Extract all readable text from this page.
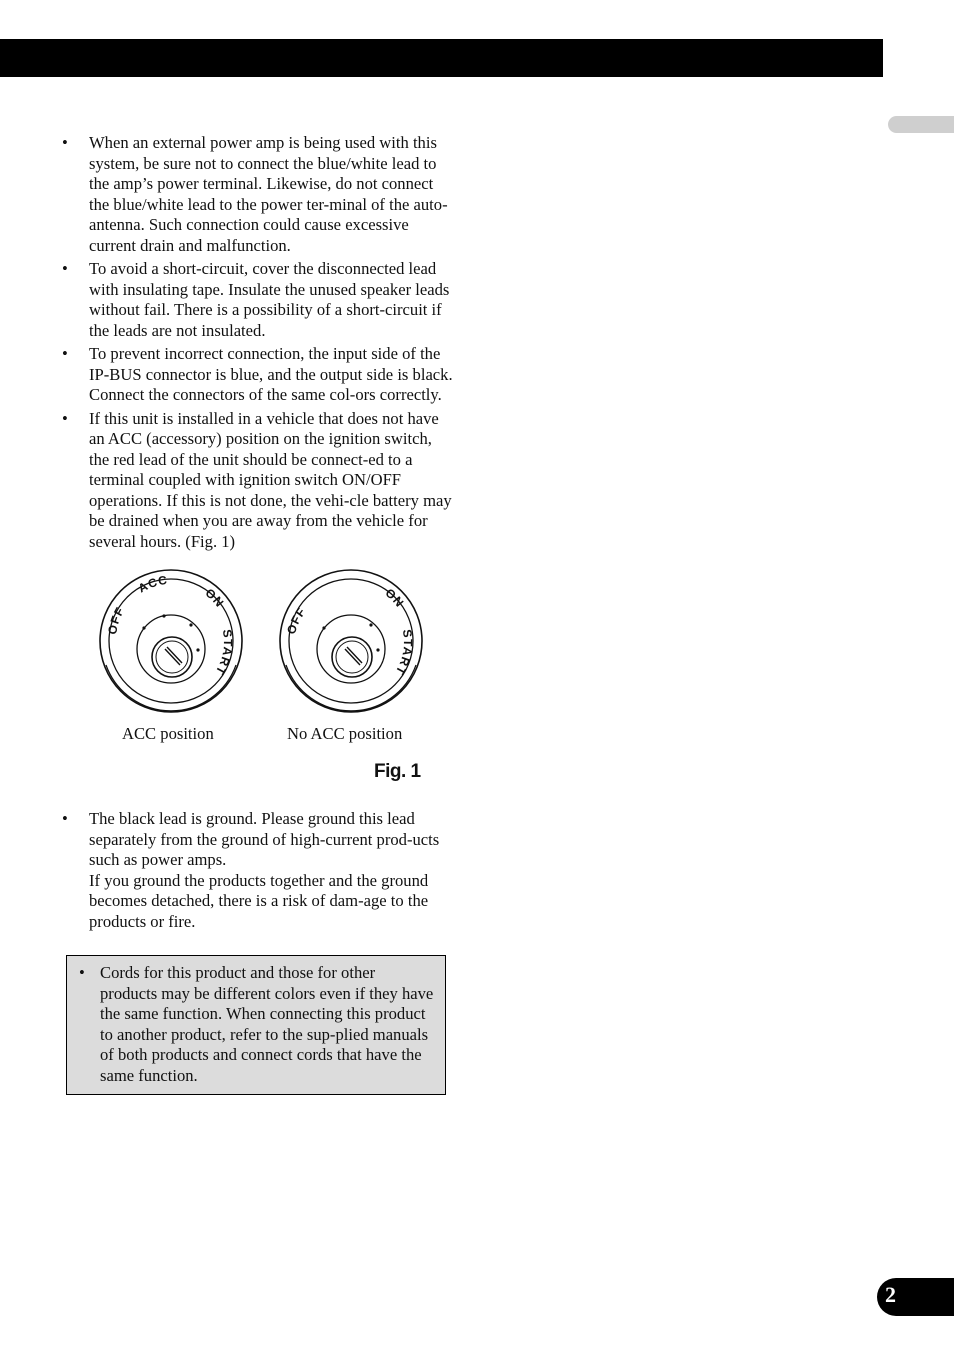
• When an external power amp is being used with this system, be sure not to connect the blue/white lead to the amp’s power terminal. Likewise, do not connect the blue/white lead to the power ter-minal of the auto-antenna. Such connection could cause excessive current drain and malfunction.

• To avoid a short-circuit, cover the disconnected lead with insulating tape. Insulate the unused speaker leads without fail. There is a possibility of a short-circuit if the leads are not insulated.

• To prevent incorrect connection, the input side of the IP-BUS connector is blue, and the output side is black. Connect the connectors of the same col-ors correctly.

• If this unit is installed in a vehicle that does not have an ACC (accessory) position on the ignition switch, the red lead of the unit should be connect-ed to a terminal coupled with ignition switch ON/OFF operations. If this is not done, the vehi-cle battery may be drained when you are away from the vehicle for several hours. (Fig. 1)

OFF
ACC
ON
START
OFF
ON
START
ACC position	No ACC position
Fig. 1

• The black lead is ground. Please ground this lead separately from the ground of high-current prod-ucts such as power amps.

If you ground the products together and the ground becomes detached, there is a risk of dam-age to the products or fire.

• Cords for this product and those for other products may be different colors even if they have the same function. When connecting this product to another product, refer to the sup-plied manuals of both products and connect cords that have the same function.

2
